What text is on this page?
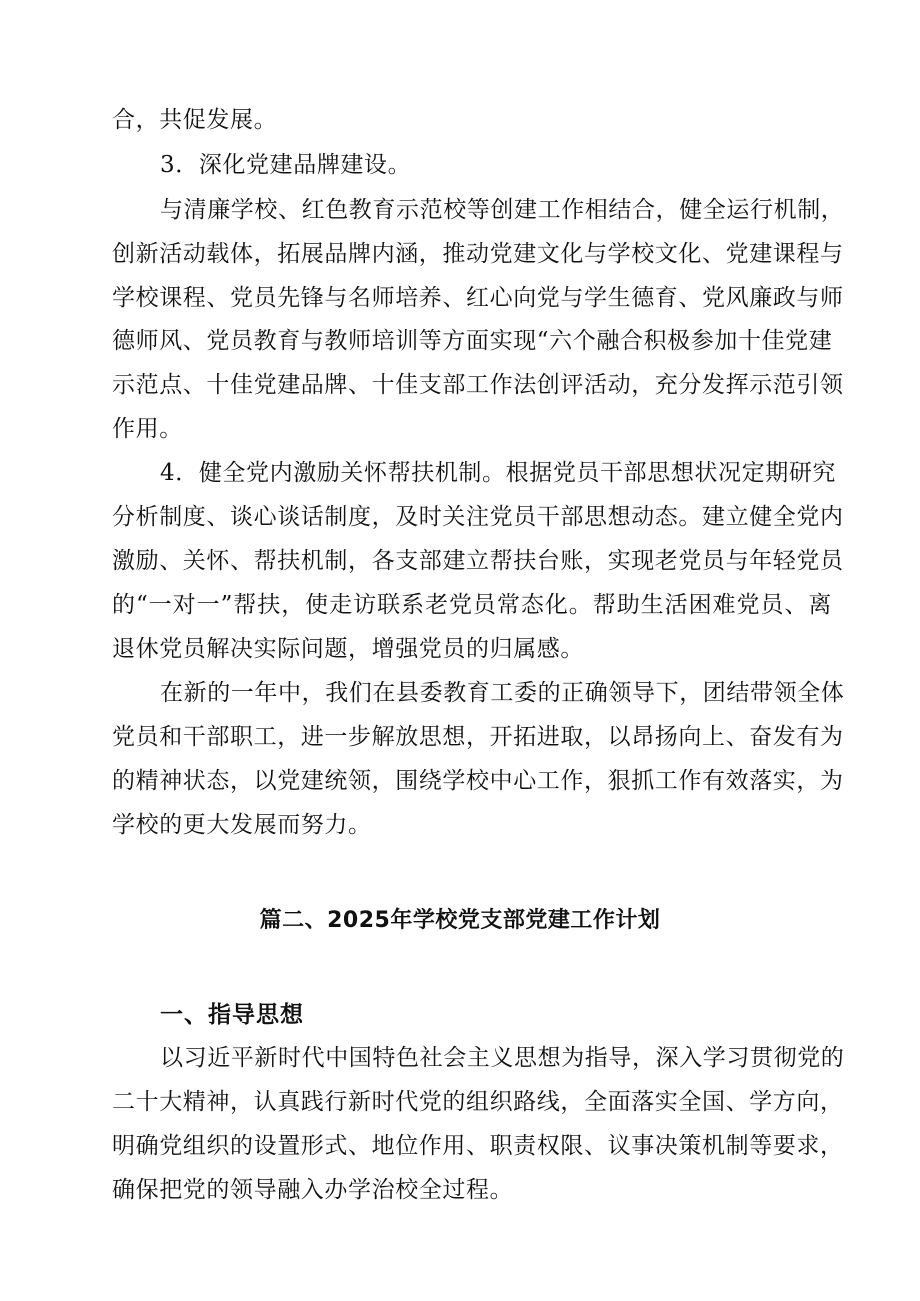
合，共促发展。
3．深化党建品牌建设。
与清廉学校、红色教育示范校等创建工作相结合，健全运行机制，
创新活动载体，拓展品牌内涵，推动党建文化与学校文化、党建课程与
学校课程、党员先锋与名师培养、红心向党与学生德育、党风廉政与师
德师风、党员教育与教师培训等方面实现“六个融合积极参加十佳党建
示范点、十佳党建品牌、十佳支部工作法创评活动，充分发挥示范引领
作用。
4．健全党内激励关怀帮扶机制。根据党员干部思想状况定期研究
分析制度、谈心谈话制度，及时关注党员干部思想动态。建立健全党内
激励、关怀、帮扶机制，各支部建立帮扶台账，实现老党员与年轻党员
的“一对一”帮扶，使走访联系老党员常态化。帮助生活困难党员、离
退休党员解决实际问题，增强党员的归属感。
在新的一年中，我们在县委教育工委的正确领导下，团结带领全体
党员和干部职工，进一步解放思想，开拓进取，以昂扬向上、奋发有为
的精神状态，以党建统领，围绕学校中心工作，狠抓工作有效落实，为
学校的更大发展而努力。
篇二、2025年学校党支部党建工作计划
一、指导思想
以习近平新时代中国特色社会主义思想为指导，深入学习贯彻党的
二十大精神，认真践行新时代党的组织路线，全面落实全国、学方向，
明确党组织的设置形式、地位作用、职责权限、议事决策机制等要求，
确保把党的领导融入办学治校全过程。
